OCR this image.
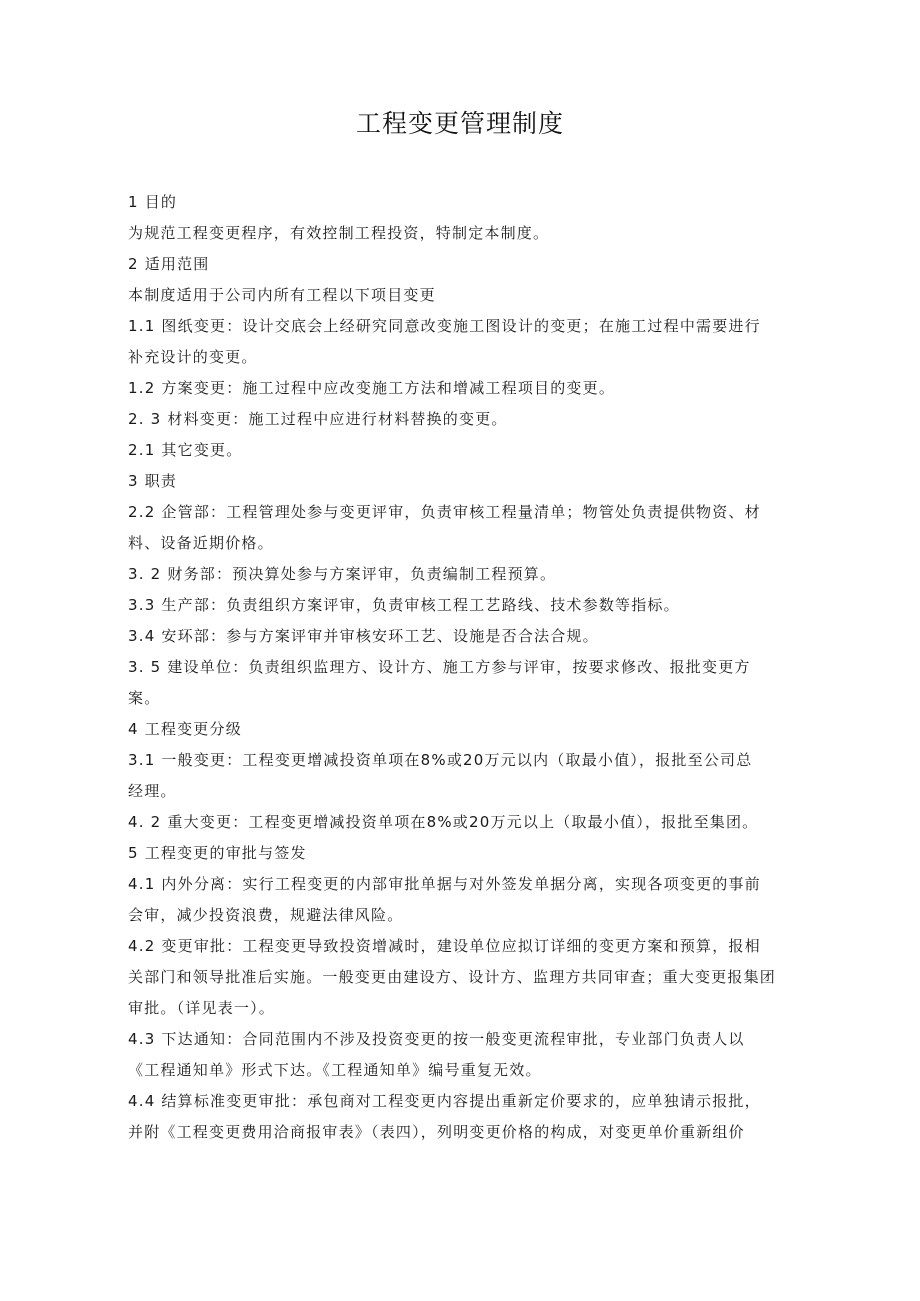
工程变更管理制度
1 目的
为规范工程变更程序，有效控制工程投资，特制定本制度。
2 适用范围
本制度适用于公司内所有工程以下项目变更
1.1 图纸变更：设计交底会上经研究同意改变施工图设计的变更；在施工过程中需要进行
补充设计的变更。
1.2 方案变更：施工过程中应改变施工方法和增减工程项目的变更。
2. 3 材料变更：施工过程中应进行材料替换的变更。
2.1 其它变更。
3 职责
2.2 企管部：工程管理处参与变更评审，负责审核工程量清单；物管处负责提供物资、材
料、设备近期价格。
3. 2 财务部：预决算处参与方案评审，负责编制工程预算。
3.3 生产部：负责组织方案评审，负责审核工程工艺路线、技术参数等指标。
3.4 安环部：参与方案评审并审核安环工艺、设施是否合法合规。
3. 5 建设单位：负责组织监理方、设计方、施工方参与评审，按要求修改、报批变更方
案。
4 工程变更分级
3.1 一般变更：工程变更增减投资单项在8%或20万元以内（取最小值），报批至公司总
经理。
4. 2 重大变更：工程变更增减投资单项在8%或20万元以上（取最小值），报批至集团。
5 工程变更的审批与签发
4.1 内外分离：实行工程变更的内部审批单据与对外签发单据分离，实现各项变更的事前
会审，减少投资浪费，规避法律风险。
4.2 变更审批：工程变更导致投资增减时，建设单位应拟订详细的变更方案和预算，报相
关部门和领导批准后实施。一般变更由建设方、设计方、监理方共同审查；重大变更报集团
审批。（详见表一）。
4.3 下达通知：合同范围内不涉及投资变更的按一般变更流程审批，专业部门负责人以
《工程通知单》形式下达。《工程通知单》编号重复无效。
4.4 结算标准变更审批：承包商对工程变更内容提出重新定价要求的，应单独请示报批，
并附《工程变更费用洽商报审表》（表四），列明变更价格的构成，对变更单价重新组价
